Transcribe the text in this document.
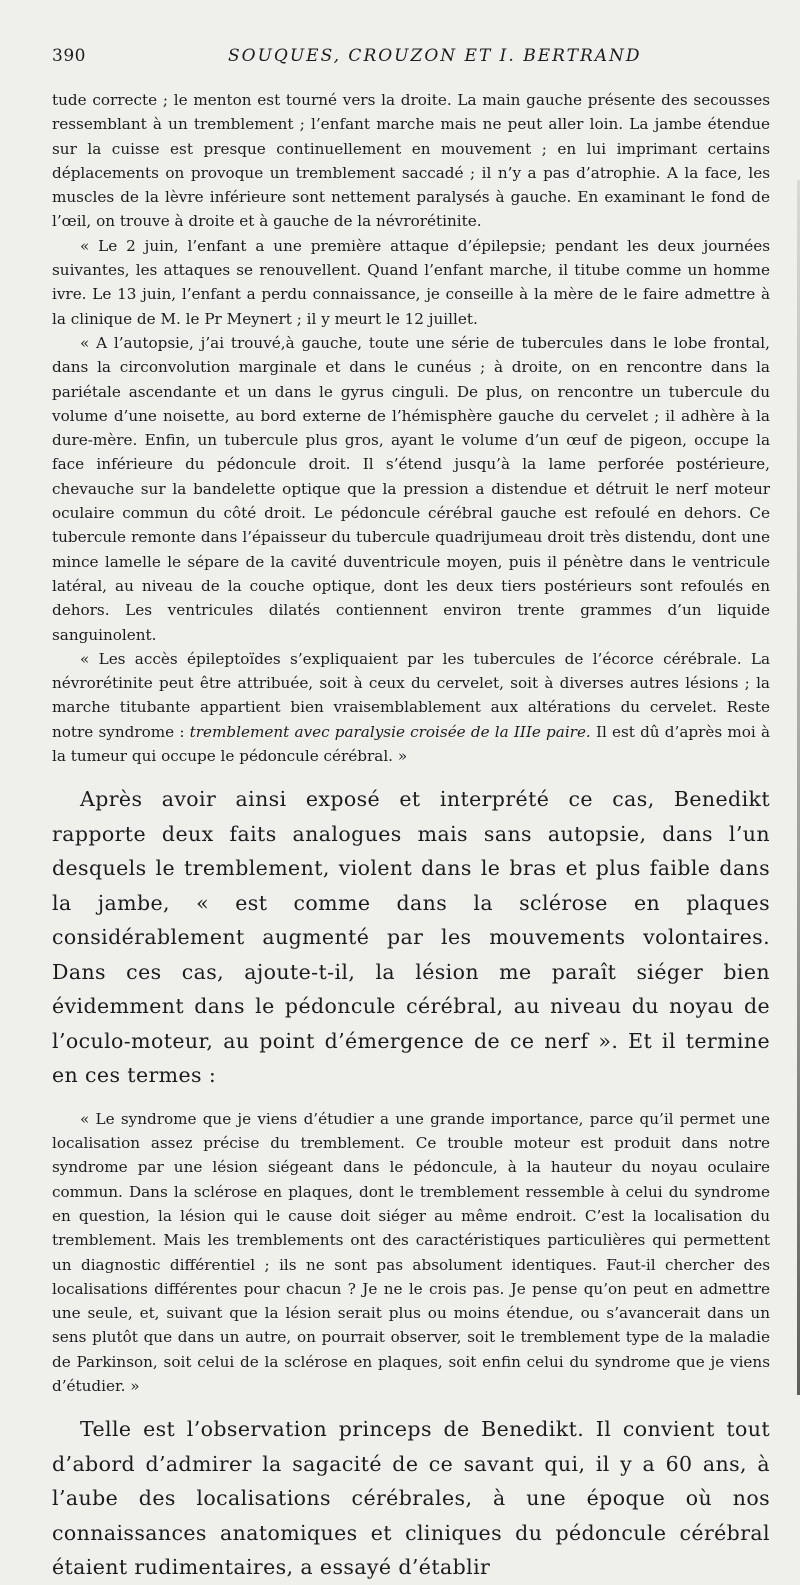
390	SOUQUES, CROUZON ET I. BERTRAND

tude correcte ; le menton est tourné vers la droite. La main gauche présente des secousses ressemblant à un tremblement ; l’enfant marche mais ne peut aller loin. La jambe étendue sur la cuisse est presque continuellement en mouvement ; en lui imprimant certains déplacements on provoque un tremblement saccadé ; il n’y a pas d’atrophie. A la face, les muscles de la lèvre inférieure sont nettement paralysés à gauche. En examinant le fond de l’œil, on trouve à droite et à gauche de la névrorétinite.

« Le 2 juin, l’enfant a une première attaque d’épilepsie; pendant les deux journées suivantes, les attaques se renouvellent. Quand l’enfant marche, il titube comme un homme ivre. Le 13 juin, l’enfant a perdu connaissance, je conseille à la mère de le faire admettre à la clinique de M. le Pr Meynert ; il y meurt le 12 juillet.

« A l’autopsie, j’ai trouvé,à gauche, toute une série de tubercules dans le lobe frontal, dans la circonvolution marginale et dans le cunéus ; à droite, on en rencontre dans la pariétale ascendante et un dans le gyrus cinguli. De plus, on rencontre un tubercule du volume d’une noisette, au bord externe de l’hémisphère gauche du cervelet ; il adhère à la dure-mère. Enfin, un tubercule plus gros, ayant le volume d’un œuf de pigeon, occupe la face inférieure du pédoncule droit. Il s’étend jusqu’à la lame perforée postérieure, chevauche sur la bandelette optique que la pression a distendue et détruit le nerf moteur oculaire commun du côté droit. Le pédoncule cérébral gauche est refoulé en dehors. Ce tubercule remonte dans l’épaisseur du tubercule quadrijumeau droit très distendu, dont une mince lamelle le sépare de la cavité duventricule moyen, puis il pénètre dans le ventricule latéral, au niveau de la couche optique, dont les deux tiers postérieurs sont refoulés en dehors. Les ventricules dilatés contiennent environ trente grammes d’un liquide sanguinolent.

« Les accès épileptoïdes s’expliquaient par les tubercules de l’écorce cérébrale. La névrorétinite peut être attribuée, soit à ceux du cervelet, soit à diverses autres lésions ; la marche titubante appartient bien vraisemblablement aux altérations du cervelet. Reste notre syndrome : tremblement avec paralysie croisée de la IIIe paire. Il est dû d’après moi à la tumeur qui occupe le pédoncule cérébral. »

Après avoir ainsi exposé et interprété ce cas, Benedikt rapporte deux faits analogues mais sans autopsie, dans l’un desquels le tremblement, violent dans le bras et plus faible dans la jambe, « est comme dans la sclérose en plaques considérablement augmenté par les mouvements volontaires. Dans ces cas, ajoute-t-il, la lésion me paraît siéger bien évidemment dans le pédoncule cérébral, au niveau du noyau de l’oculo-moteur, au point d’émergence de ce nerf ». Et il termine en ces termes :

« Le syndrome que je viens d’étudier a une grande importance, parce qu’il permet une localisation assez précise du tremblement. Ce trouble moteur est produit dans notre syndrome par une lésion siégeant dans le pédoncule, à la hauteur du noyau oculaire commun. Dans la sclérose en plaques, dont le tremblement ressemble à celui du syndrome en question, la lésion qui le cause doit siéger au même endroit. C’est la localisation du tremblement. Mais les tremblements ont des caractéristiques particulières qui permettent un diagnostic différentiel ; ils ne sont pas absolument identiques. Faut-il chercher des localisations différentes pour chacun ? Je ne le crois pas. Je pense qu’on peut en admettre une seule, et, suivant que la lésion serait plus ou moins étendue, ou s’avancerait dans un sens plutôt que dans un autre, on pourrait observer, soit le tremblement type de la maladie de Parkinson, soit celui de la sclérose en plaques, soit enfin celui du syndrome que je viens d’étudier. »

Telle est l’observation princeps de Benedikt. Il convient tout d’abord d’admirer la sagacité de ce savant qui, il y a 60 ans, à l’aube des localisations cérébrales, à une époque où nos connaissances anatomiques et cliniques du pédoncule cérébral étaient rudimentaires, a essayé d’établir
